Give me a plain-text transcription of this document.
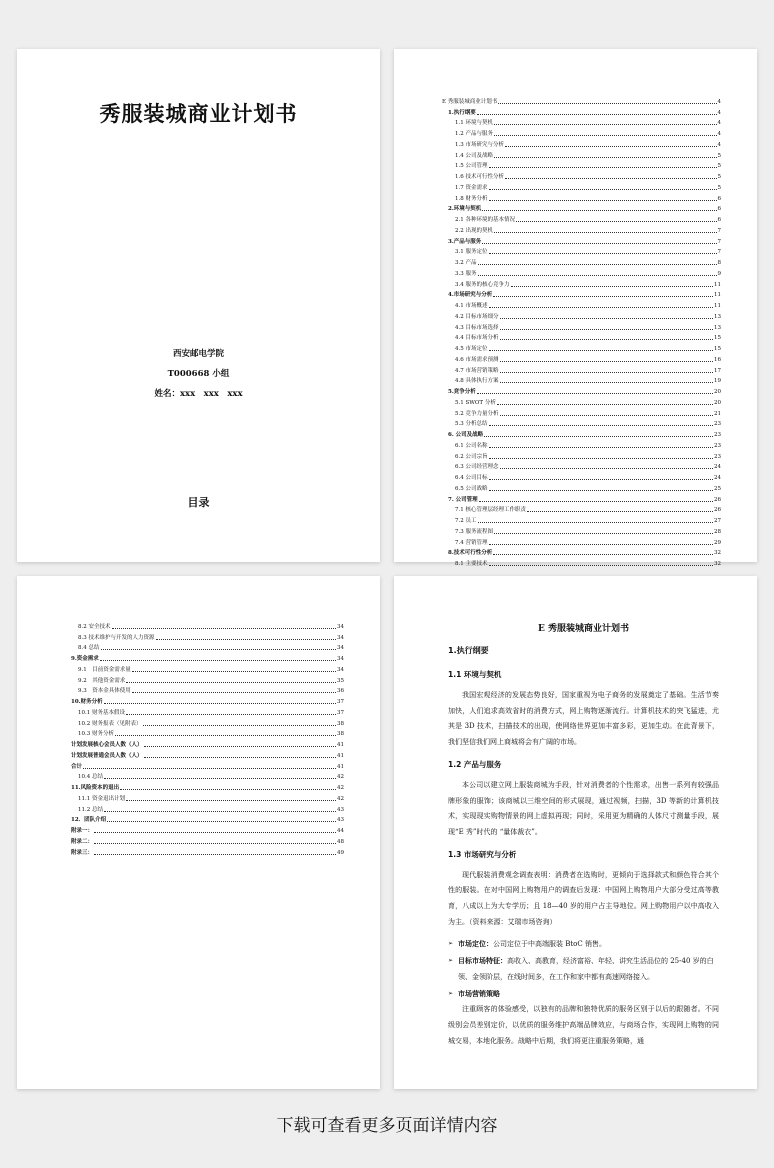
秀服装城商业计划书
西安邮电学院
T000668 小组
姓名：xxx　xxx　xxx
目录
E 秀服装城商业计划书	4
1.执行纲要	4
1.1 环境与契机	4
1.2 产品与服务	4
1.3 市场研究与分析	4
1.4 公司及战略	5
1.5 公司管理	5
1.6 技术可行性分析	5
1.7 资金需求	5
1.8 财务分析	6
2.环境与契机	6
2.1 各种环境的基本情况	6
2.2 出现的契机	7
3.产品与服务	7
3.1 服务定位	7
3.2 产品	8
3.3 服务	9
3.4 服务的核心竞争力	11
4.市场研究与分析	11
4.1 市场概述	11
4.2 目标市场细分	13
4.3 目标市场选择	13
4.4 目标市场分析	15
4.5 市场定位	15
4.6 市场需求预测	16
4.7 市场营销策略	17
4.8 具体执行方案	19
5.竞争分析	20
5.1 SWOT 分析	20
5.2 竞争力量分析	21
5.3 分析总结	23
6. 公司及战略	23
6.1 公司名称	23
6.2 公司宗旨	23
6.3 公司经营理念	24
6.4 公司目标	24
6.5 公司战略	25
7. 公司管理	26
7.1 核心管理层经理工作职责	26
7.2 员工	27
7.3 服务流程图	28
7.4 营销管理	29
8.技术可行性分析	32
8.1 主要技术	32
8.2 安全技术	34
8.3 技术维护与开发的人力资源	34
8.4 总结	34
9.资金需求	34
9.1　目前资金需求量	34
9.2　其他资金需求	35
9.3　资本金具体使用	36
10.财务分析	37
10.1 财务基本假设	37
10.2 财务报表（见附表）	38
10.3 财务分析	38
计划发展核心会员人数（人）	41
计划发展普通会员人数（人）	41
合计	41
10.4 总结	42
11.风险资本的退出	42
11.1 资金退出计划	42
11.2 总结	43
12．团队介绍	43
附录一：	44
附录二：	48
附录三：	49
E 秀服装城商业计划书
1.执行纲要
1.1 环境与契机

我国宏观经济的发展态势良好，国家重视为电子商务的发展奠定了基础。生活节奏加快，人们追求高效省时的消费方式，网上购物逐渐流行。计算机技术的突飞猛进，尤其是 3D 技术，扫描技术的出现，使网络世界更加丰富多彩，更加生动。在此背景下，我们坚信我们网上商城将会有广阔的市场。

1.2 产品与服务

本公司以建立网上服装商城为手段，针对消费者的个性需求，出售一系列有较强品牌形象的服饰；该商城以三维空间的形式展现，通过视频，扫描，3D 等新的计算机技术，实现现实购物情景的网上虚拟再现；同时，采用更为精确的人体尺寸测量手段，展现“E 秀”时代的 “量体裁衣”。

1.3 市场研究与分析

现代服装消费观念调查表明：消费者在选购时，更倾向于选择款式和颜色符合其个性的服装。在对中国网上购物用户的调查后发现：中国网上购物用户大部分受过高等教育，八成以上为大专学历；且 18—40 岁的用户占主导地位。网上购物用户以中高收入为主。（资料来源：艾瑞市场咨询）

➢ 市场定位：公司定位于中高端服装 BtoC 销售。
➢ 目标市场特征：高收入、高教育，经济富裕、年轻、讲究生活品位的 25-40 岁的白领、金领阶层，在线时间多，在工作和家中都有高速网络接入。
➢ 市场营销策略

注重顾客的体验感受，以独有的品牌和独特优质的服务区别于以后的跟随者。不同级别会员差别定价，以优质的服务维护高端品牌效应，与商场合作，实现网上购物的同城交易，本地化服务。战略中后期，我们将更注重服务策略，通

下载可查看更多页面详情内容
